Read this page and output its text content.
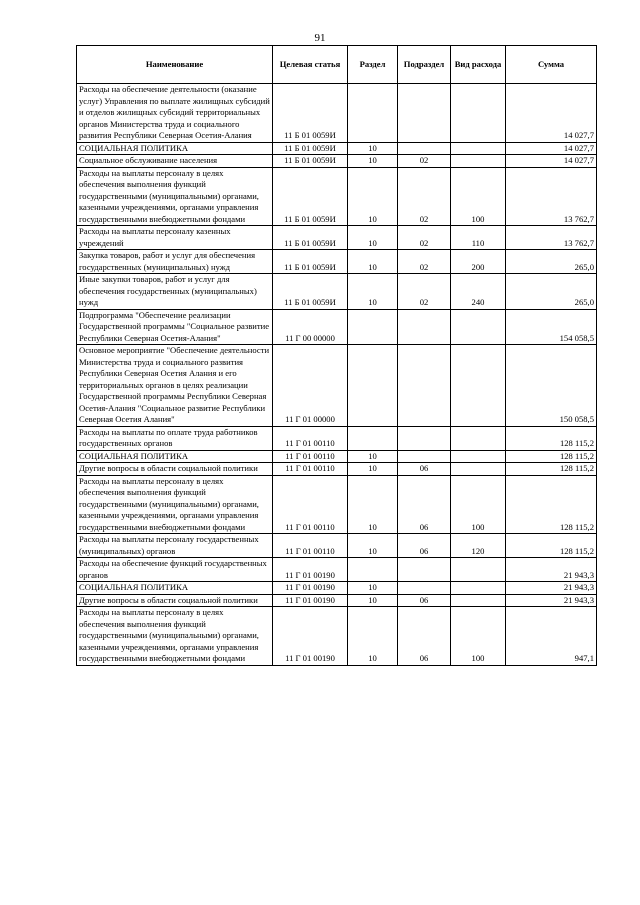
91
Наименование	Целевая статья	Раздел	Подраздел	Вид расхода	Сумма
Расходы на обеспечение деятельности (оказание услуг) Управления по выплате жилищных субсидий и отделов жилищных субсидий территориальных органов Министерства труда и социального развития Республики Северная Осетия-Алания	11 Б 01 0059И				14 027,7
СОЦИАЛЬНАЯ ПОЛИТИКА	11 Б 01 0059И	10			14 027,7
Социальное обслуживание населения	11 Б 01 0059И	10	02		14 027,7
Расходы на выплаты персоналу в целях обеспечения выполнения функций государственными (муниципальными) органами, казенными учреждениями, органами управления государственными внебюджетными фондами	11 Б 01 0059И	10	02	100	13 762,7
Расходы на выплаты персоналу казенных учреждений	11 Б 01 0059И	10	02	110	13 762,7
Закупка товаров, работ и услуг для обеспечения государственных (муниципальных) нужд	11 Б 01 0059И	10	02	200	265,0
Иные закупки товаров, работ и услуг для обеспечения государственных (муниципальных) нужд	11 Б 01 0059И	10	02	240	265,0
Подпрограмма "Обеспечение реализации Государственной программы "Социальное развитие Республики Северная Осетия-Алания"	11 Г 00 00000				154 058,5
Основное мероприятие "Обеспечение деятельности Министерства труда и социального развития Республики Северная Осетия Алания и его территориальных органов в целях реализации Государственной программы Республики Северная Осетия-Алания "Социальное развитие Республики Северная Осетия Алания"	11 Г 01 00000				150 058,5
Расходы на выплаты по оплате труда работников государственных органов	11 Г 01 00110				128 115,2
СОЦИАЛЬНАЯ ПОЛИТИКА	11 Г 01 00110	10			128 115,2
Другие вопросы в области социальной политики	11 Г 01 00110	10	06		128 115,2
Расходы на выплаты персоналу в целях обеспечения выполнения функций государственными (муниципальными) органами, казенными учреждениями, органами управления государственными внебюджетными фондами	11 Г 01 00110	10	06	100	128 115,2
Расходы на выплаты персоналу государственных (муниципальных) органов	11 Г 01 00110	10	06	120	128 115,2
Расходы на обеспечение функций государственных органов	11 Г 01 00190				21 943,3
СОЦИАЛЬНАЯ ПОЛИТИКА	11 Г 01 00190	10			21 943,3
Другие вопросы в области социальной политики	11 Г 01 00190	10	06		21 943,3
Расходы на выплаты персоналу в целях обеспечения выполнения функций государственными (муниципальными) органами, казенными учреждениями, органами управления государственными внебюджетными фондами	11 Г 01 00190	10	06	100	947,1
